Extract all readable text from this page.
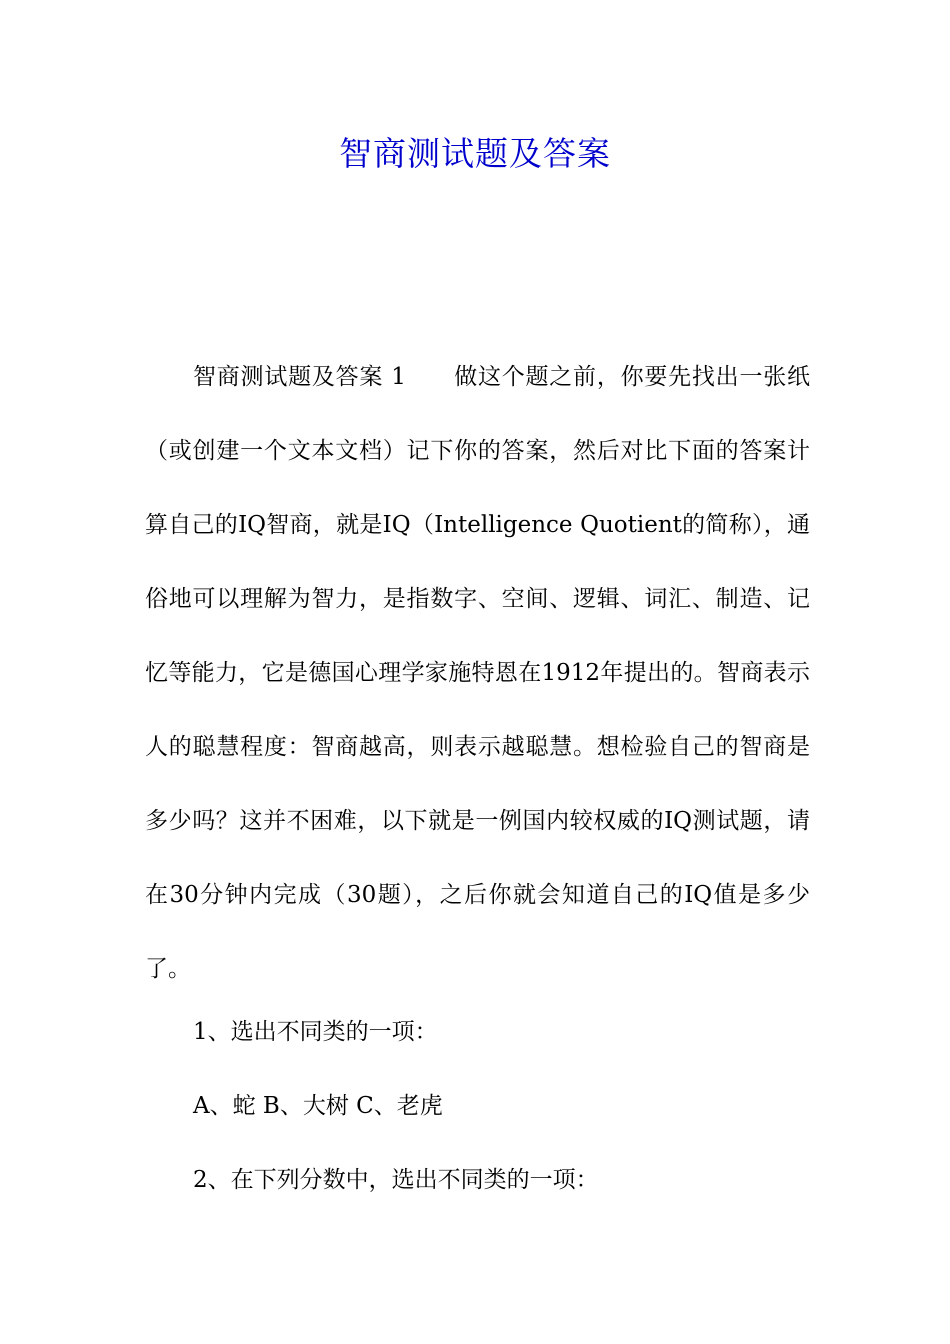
智商测试题及答案

智商测试题及答案 1　　做这个题之前，你要先找出一张纸（或创建一个文本文档）记下你的答案，然后对比下面的答案计算自己的IQ智商，就是IQ（Intelligence Quotient的简称），通俗地可以理解为智力，是指数字、空间、逻辑、词汇、制造、记 忆等能力，它是德国心理学家施特恩在1912年提出的。智商表示人的聪慧程度：智商越高，则表示越聪慧。想检验自己的智商是多少吗？这并不困难，以下就是一例国内较权威的IQ测试题，请在30分钟内完成（30题），之后你就会知道自己的IQ值是多少了。

1、选出不同类的一项：

A、蛇 B、大树 C、老虎

2、在下列分数中，选出不同类的一项：
